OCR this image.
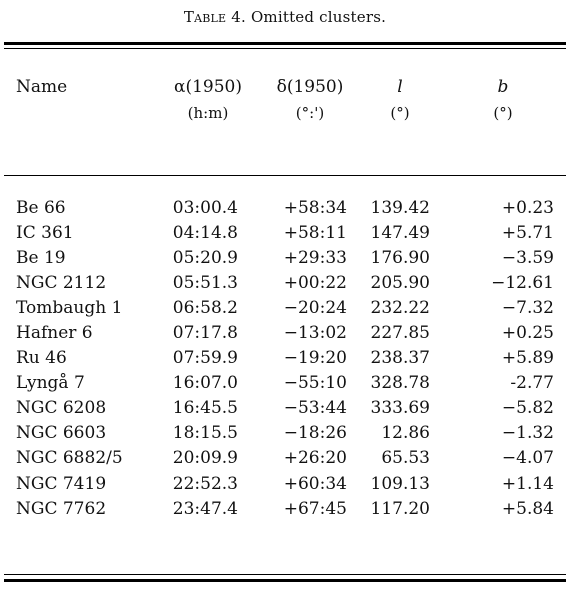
Table 4. Omitted clusters.
Name	α(1950)	δ(1950)	l	b
	(h:m)	(°:')	(°)	(°)
Be 66	03:00.4	+58:34	139.42	+0.23
IC 361	04:14.8	+58:11	147.49	+5.71
Be 19	05:20.9	+29:33	176.90	−3.59
NGC 2112	05:51.3	+00:22	205.90	−12.61
Tombaugh 1	06:58.2	−20:24	232.22	−7.32
Hafner 6	07:17.8	−13:02	227.85	+0.25
Ru 46	07:59.9	−19:20	238.37	+5.89
Lyngå 7	16:07.0	−55:10	328.78	-2.77
NGC 6208	16:45.5	−53:44	333.69	−5.82
NGC 6603	18:15.5	−18:26	12.86	−1.32
NGC 6882/5	20:09.9	+26:20	65.53	−4.07
NGC 7419	22:52.3	+60:34	109.13	+1.14
NGC 7762	23:47.4	+67:45	117.20	+5.84
